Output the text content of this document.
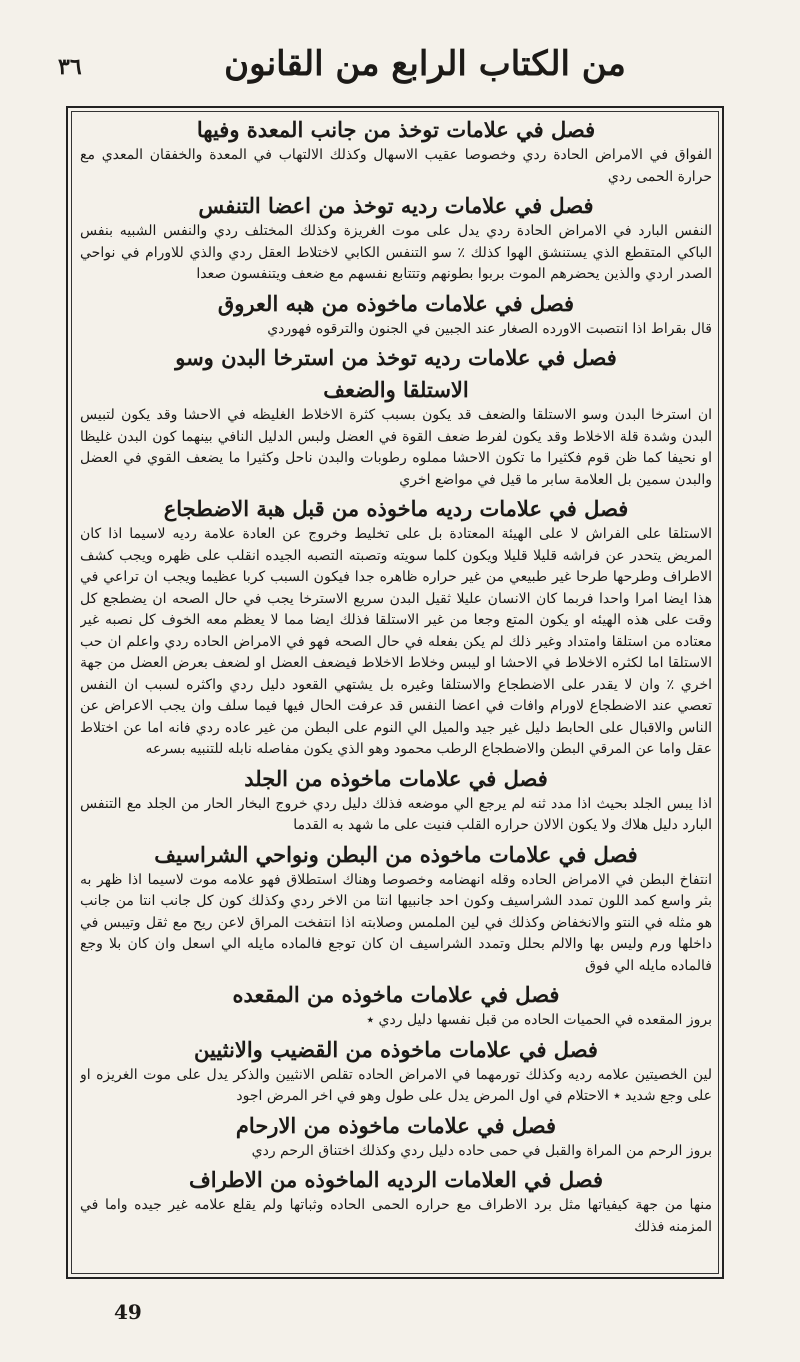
٣٦	من الكتاب الرابع من القانون
فصل في علامات توخذ من جانب المعدة وفيها

الفواق في الامراض الحادة ردي وخصوصا عقيب الاسهال وكذلك الالتهاب في المعدة والخفقان المعدي مع حرارة الحمى ردي

فصل في علامات رديه توخذ من اعضا التنفس

النفس البارد في الامراض الحادة ردي يدل على موت الغريزة وكذلك المختلف ردي والنفس الشبيه بنفس الباكي المتقطع الذي يستنشق الهوا كذلك ٪ سو التنفس الكابي لاختلاط العقل ردي والذي للاورام في نواحي الصدر اردي والذين يحضرهم الموت بربوا بطونهم وتتتابع نفسهم مع ضعف ويتنفسون صعدا

فصل في علامات ماخوذه من هبه العروق

قال بقراط اذا انتصبت الاورده الصغار عند الجبين في الجنون والترقوه فهوردي

فصل في علامات رديه توخذ من استرخا البدن وسو
الاستلقا والضعف

ان استرخا البدن وسو الاستلقا والضعف قد يكون بسبب كثرة الاخلاط الغليظه في الاحشا وقد يكون لتبيس البدن وشدة قلة الاخلاط وقد يكون لفرط ضعف القوة في العضل ولبس الدليل النافي بينهما كون البدن غليظا او نحيفا كما ظن قوم فكثيرا ما تكون الاحشا مملوه رطوبات والبدن ناحل وكثيرا ما يضعف القوي في العضل والبدن سمين بل العلامة سابر ما قيل في مواضع اخري

فصل في علامات رديه ماخوذه من قبل هبة الاضطجاع

الاستلقا على الفراش لا على الهيئة المعتادة بل على تخليط وخروج عن العادة علامة رديه لاسيما اذا كان المريض يتحدر عن فراشه قليلا قليلا ويكون كلما سويته وتصبته التصبه الجيده انقلب على ظهره ويجب كشف الاطراف وطرحها طرحا غير طبيعي من غير حراره ظاهره جدا فيكون السبب كربا عظيما ويجب ان تراعي في هذا ايضا امرا واحدا فربما كان الانسان عليلا ثقيل البدن سريع الاسترخا يجب في حال الصحه ان يضطجع كل وقت على هذه الهيئه او يكون المتع وجعا من غير الاستلقا فذلك ايضا مما لا يعظم معه الخوف كل نصبه غير معتاده من استلقا وامتداد وغير ذلك لم يكن بفعله في حال الصحه فهو في الامراض الحاده ردي واعلم ان حب الاستلقا اما لكثره الاخلاط في الاحشا او ليبس وخلاط الاخلاط فيضعف العضل او لضعف بعرض العضل من جهة اخري ٪ وان لا يقدر على الاضطجاع والاستلقا وغيره بل يشتهي القعود دليل ردي واكثره لسبب ان النفس تعصي عند الاضطجاع لاورام وافات في اعضا النفس قد عرفت الحال فيها فيما سلف وان يجب الاعراض عن الناس والاقبال على الحابط دليل غير جيد والميل الي النوم على البطن من غير عاده ردي فانه اما عن اختلاط عقل واما عن المرقي البطن والاضطجاع الرطب محمود وهو الذي يكون مفاصله نابله للتنبيه بسرعه

فصل في علامات ماخوذه من الجلد

اذا يبس الجلد بحيث اذا مدد ثنه لم يرجع الي موضعه فذلك دليل ردي خروج البخار الحار من الجلد مع التنفس البارد دليل هلاك ولا يكون الالان حراره القلب فنيت على ما شهد به القدما

فصل في علامات ماخوذه من البطن ونواحي الشراسيف

انتفاخ البطن في الامراض الحاده وقله انهضامه وخصوصا وهناك استطلاق فهو علامه موت لاسيما اذا ظهر به بثر واسع كمد اللون تمدد الشراسيف وكون احد جانبيها انتا من الاخر ردي وكذلك كون كل جانب انتا من جانب هو مثله في النتو والانخفاض وكذلك في لين الملمس وصلابته اذا انتفخت المراق لاعن ريح مع ثقل وتيبس في داخلها ورم وليس بها والالم بحلل وتمدد الشراسيف ان كان توجع فالماده مايله الي اسعل وان كان بلا وجع فالماده مايله الي فوق

فصل في علامات ماخوذه من المقعده

بروز المقعده في الحميات الحاده من قبل نفسها دليل ردي ٭

فصل في علامات ماخوذه من القضيب والانثيين

لين الخصيتين علامه رديه وكذلك تورمهما في الامراض الحاده تقلص الانثيين والذكر يدل على موت الغريزه او على وجع شديد ٭ الاحتلام في اول المرض يدل على طول وهو في اخر المرض اجود

فصل في علامات ماخوذه من الارحام

بروز الرحم من المراة والقبل في حمى حاده دليل ردي وكذلك اختناق الرحم ردي

فصل في العلامات الرديه الماخوذه من الاطراف

منها من جهة كيفياتها مثل برد الاطراف مع حراره الحمى الحاده وثباتها ولم يقلع علامه غير جيده واما في المزمنه فذلك

49
